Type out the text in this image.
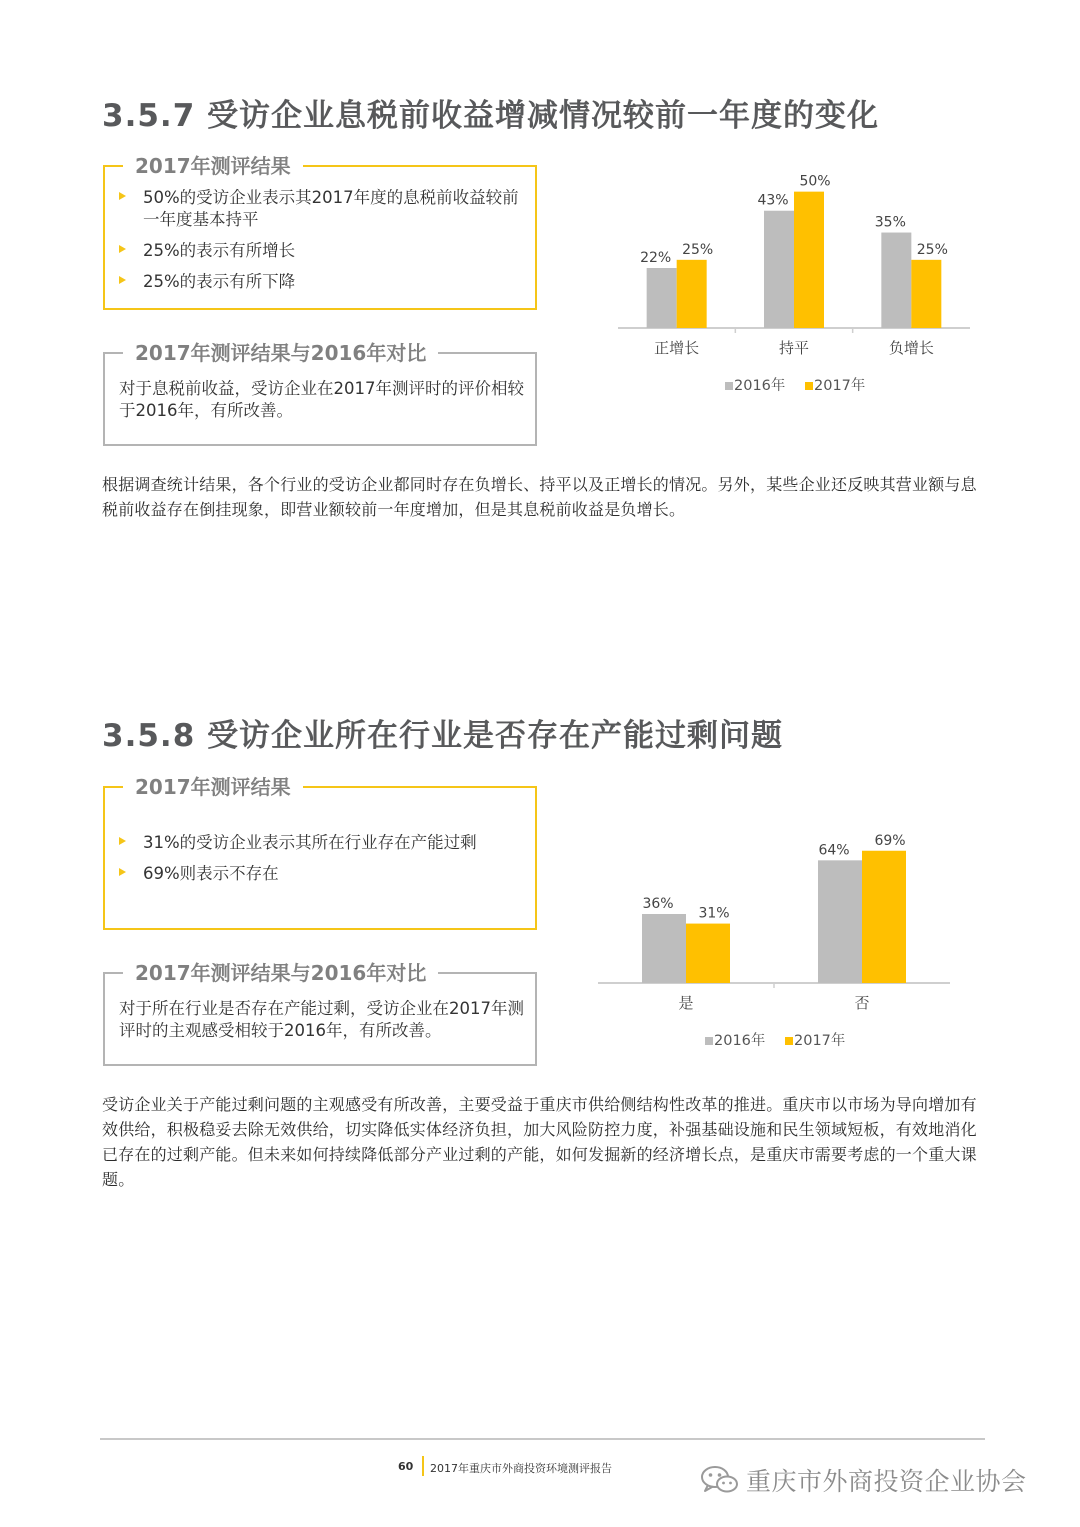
3.5.7 受访企业息税前收益增减情况较前一年度的变化
2017年测评结果
50%的受访企业表示其2017年度的息税前收益较前一年度基本持平
25%的表示有所增长
25%的表示有所下降
2017年测评结果与2016年对比
对于息税前收益，受访企业在2017年测评时的评价相较于2016年，有所改善。
22%
25%
正增长
43%
50%
持平
35%
25%
负增长
2016年 2017年
根据调查统计结果，各个行业的受访企业都同时存在负增长、持平以及正增长的情况。另外，某些企业还反映其营业额与息税前收益存在倒挂现象，即营业额较前一年度增加，但是其息税前收益是负增长。
3.5.8 受访企业所在行业是否存在产能过剩问题
2017年测评结果
31%的受访企业表示其所在行业存在产能过剩
69%则表示不存在
2017年测评结果与2016年对比
对于所在行业是否存在产能过剩，受访企业在2017年测评时的主观感受相较于2016年，有所改善。
36%
31%
是
64%
69%
否
2016年 2017年
受访企业关于产能过剩问题的主观感受有所改善，主要受益于重庆市供给侧结构性改革的推进。重庆市以市场为导向增加有效供给，积极稳妥去除无效供给，切实降低实体经济负担，加大风险防控力度，补强基础设施和民生领域短板，有效地消化已存在的过剩产能。但未来如何持续降低部分产业过剩的产能，如何发掘新的经济增长点，是重庆市需要考虑的一个重大课题。
60 2017年重庆市外商投资环境测评报告	重庆市外商投资企业协会
